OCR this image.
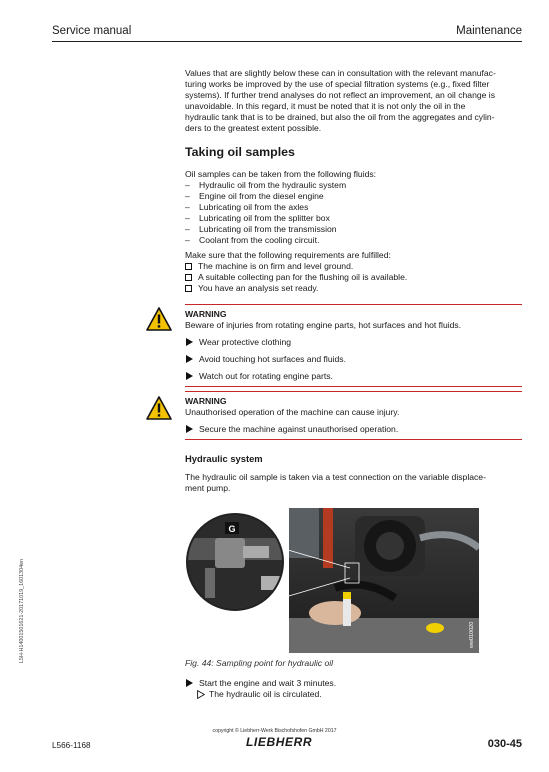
Service manual	Maintenance
L5H-H14001501621-20171019_1601304en
Values that are slightly below these can in consultation with the relevant manufac-
turing works be improved by the use of special filtration systems (e.g., fixed filter
systems). If further trend analyses do not reflect an improvement, an oil change is
unavoidable. In this regard, it must be noted that it is not only the oil in the
hydraulic tank that is to be drained, but also the oil from the aggregates and cylin-
ders to the greatest extent possible.
Taking oil samples
Oil samples can be taken from the following fluids:
– Hydraulic oil from the hydraulic system
– Engine oil from the diesel engine
– Lubricating oil from the axles
– Lubricating oil from the splitter box
– Lubricating oil from the transmission
– Coolant from the cooling circuit.
Make sure that the following requirements are fulfilled:
The machine is on firm and level ground.
A suitable collecting pan for the flushing oil is available.
You have an analysis set ready.
WARNING
Beware of injuries from rotating engine parts, hot surfaces and hot fluids.
Wear protective clothing
Avoid touching hot surfaces and fluids.
Watch out for rotating engine parts.
WARNING
Unauthorised operation of the machine can cause injury.
Secure the machine against unauthorised operation.
Hydraulic system
The hydraulic oil sample is taken via a test connection on the variable displace-
ment pump.
G
ww010020
Fig. 44: Sampling point for hydraulic oil
Start the engine and wait 3 minutes.
The hydraulic oil is circulated.
copyright © Liebherr-Werk Bischofshofen GmbH 2017
L566-1168	LIEBHERR	030-45
